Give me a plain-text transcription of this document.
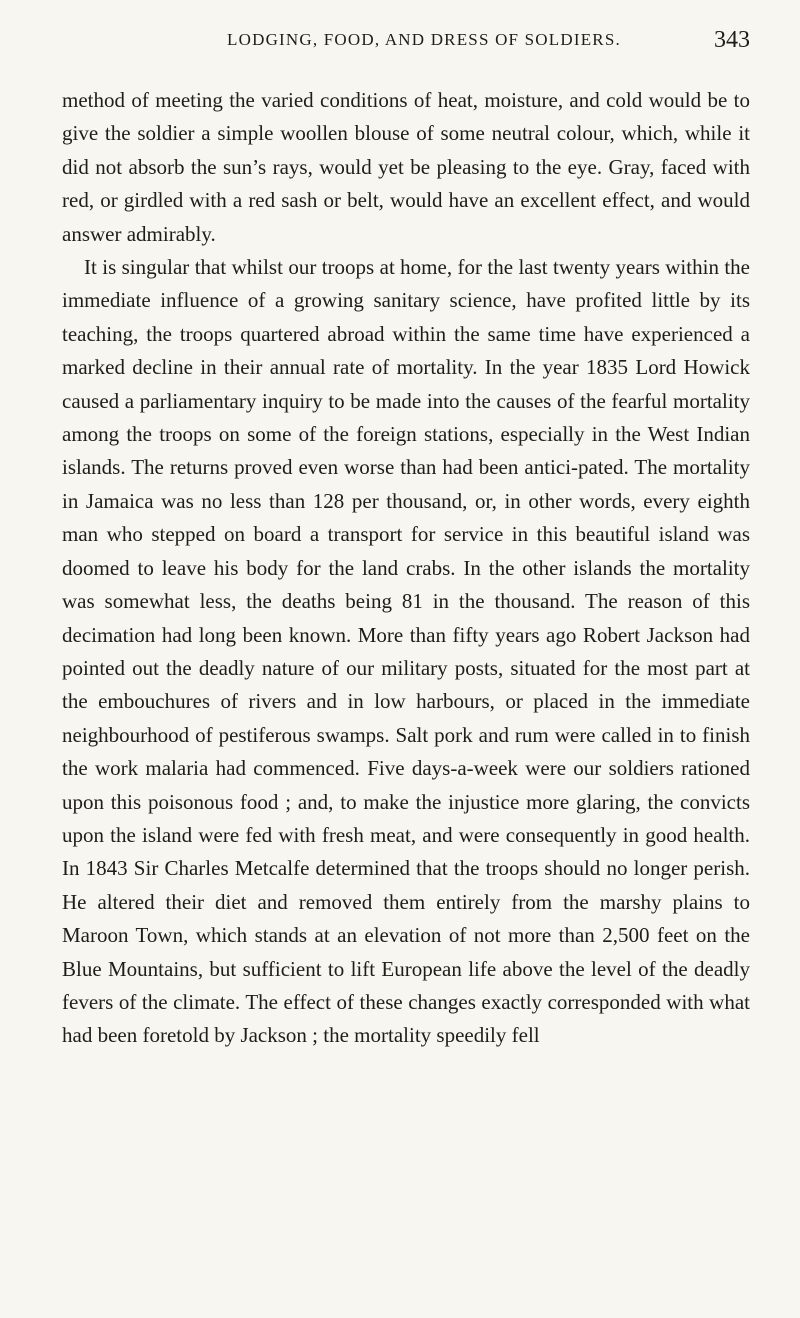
LODGING, FOOD, AND DRESS OF SOLDIERS.	343

method of meeting the varied conditions of heat, moisture, and cold would be to give the soldier a simple woollen blouse of some neutral colour, which, while it did not absorb the sun’s rays, would yet be pleasing to the eye. Gray, faced with red, or girdled with a red sash or belt, would have an excellent effect, and would answer admirably.

It is singular that whilst our troops at home, for the last twenty years within the immediate influence of a growing sanitary science, have profited little by its teaching, the troops quartered abroad within the same time have experienced a marked decline in their annual rate of mortality. In the year 1835 Lord Howick caused a parliamentary inquiry to be made into the causes of the fearful mortality among the troops on some of the foreign stations, especially in the West Indian islands. The returns proved even worse than had been antici-pated. The mortality in Jamaica was no less than 128 per thousand, or, in other words, every eighth man who stepped on board a transport for service in this beautiful island was doomed to leave his body for the land crabs. In the other islands the mortality was somewhat less, the deaths being 81 in the thousand. The reason of this decimation had long been known. More than fifty years ago Robert Jackson had pointed out the deadly nature of our military posts, situated for the most part at the embouchures of rivers and in low harbours, or placed in the immediate neighbourhood of pestiferous swamps. Salt pork and rum were called in to finish the work malaria had commenced. Five days-a-week were our soldiers rationed upon this poisonous food ; and, to make the injustice more glaring, the convicts upon the island were fed with fresh meat, and were consequently in good health. In 1843 Sir Charles Metcalfe determined that the troops should no longer perish. He altered their diet and removed them entirely from the marshy plains to Maroon Town, which stands at an elevation of not more than 2,500 feet on the Blue Mountains, but sufficient to lift European life above the level of the deadly fevers of the climate. The effect of these changes exactly corresponded with what had been foretold by Jackson ; the mortality speedily fell
